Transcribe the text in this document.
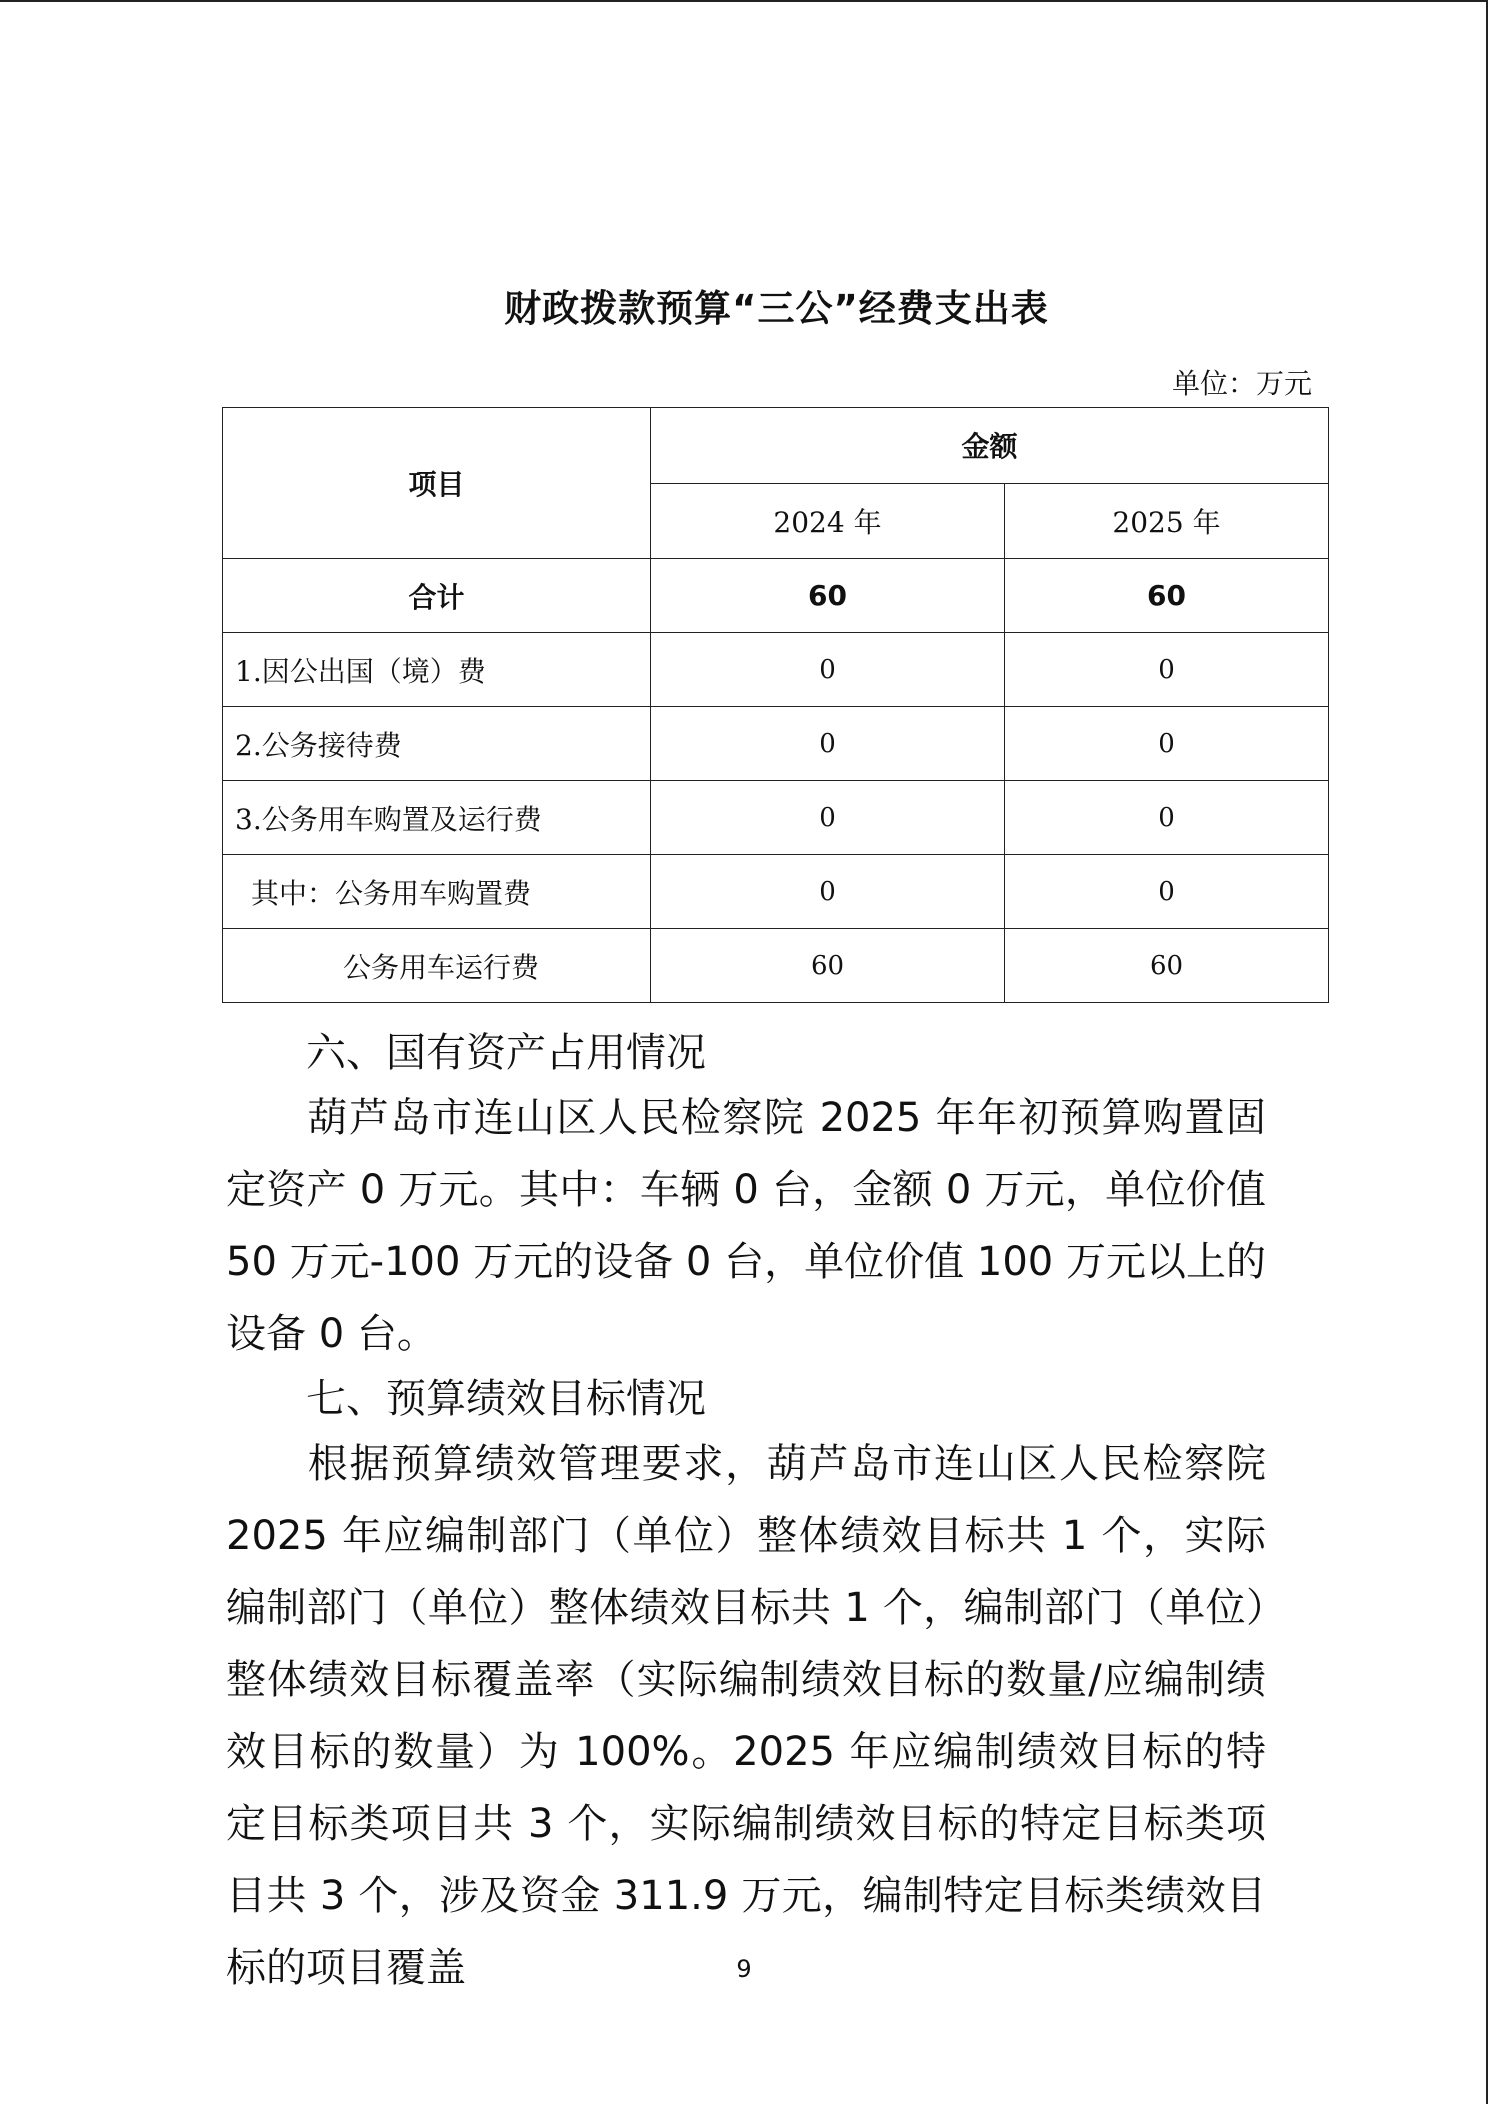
财政拨款预算“三公”经费支出表
单位：万元
项目	金额	
	2024 年	2025 年
合计	60	60
1.因公出国（境）费	0	0
2.公务接待费	0	0
3.公务用车购置及运行费	0	0
其中：公务用车购置费	0	0
公务用车运行费	60	60
六、国有资产占用情况
葫芦岛市连山区人民检察院 2025 年年初预算购置固定资产 0 万元。其中：车辆 0 台，金额 0 万元，单位价值 50 万元-100 万元的设备 0 台，单位价值 100 万元以上的设备 0 台。
七、预算绩效目标情况
根据预算绩效管理要求，葫芦岛市连山区人民检察院 2025 年应编制部门（单位）整体绩效目标共 1 个，实际编制部门（单位）整体绩效目标共 1 个，编制部门（单位）整体绩效目标覆盖率（实际编制绩效目标的数量/应编制绩效目标的数量）为 100%。2025 年应编制绩效目标的特定目标类项目共 3 个，实际编制绩效目标的特定目标类项目共 3 个，涉及资金 311.9 万元，编制特定目标类绩效目标的项目覆盖	9
